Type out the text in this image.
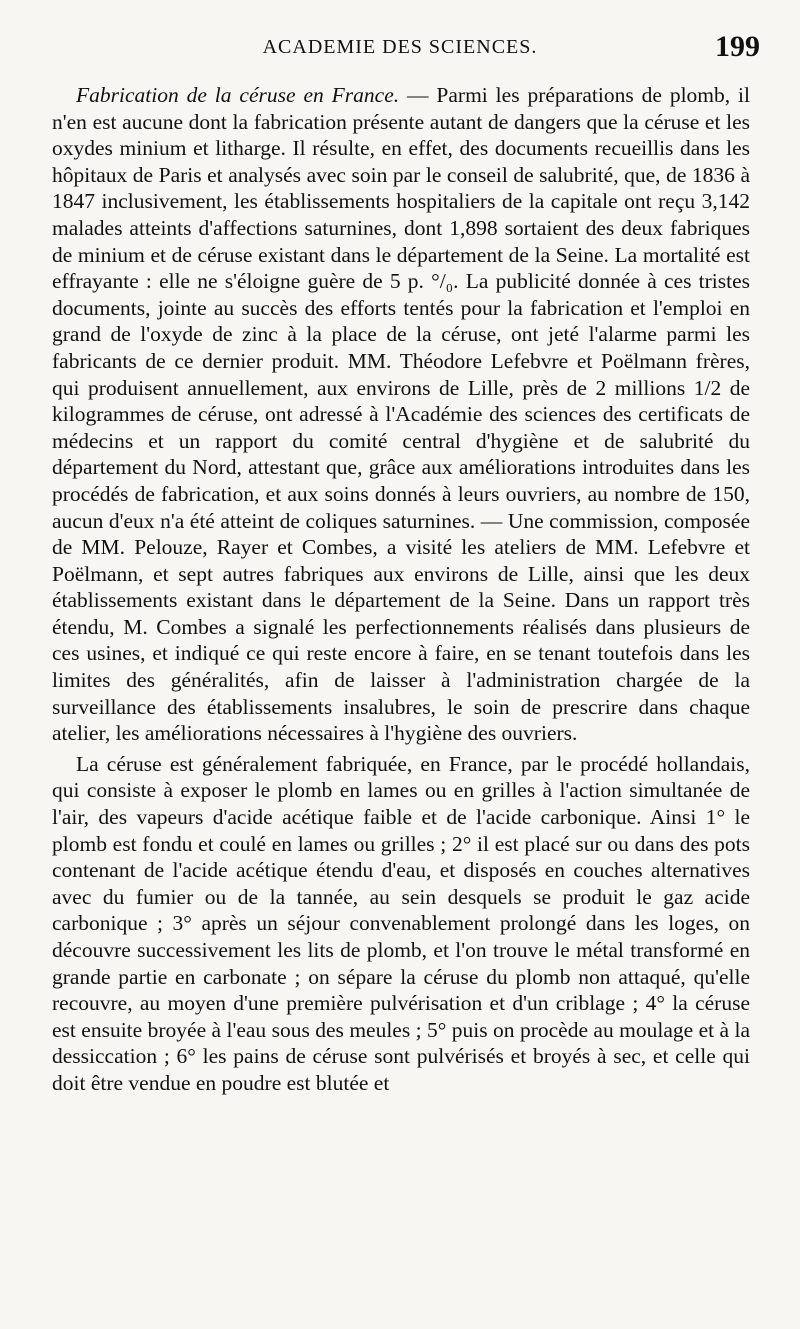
ACADEMIE DES SCIENCES.	199

Fabrication de la céruse en France. — Parmi les préparations de plomb, il n'en est aucune dont la fabrication présente autant de dangers que la céruse et les oxydes minium et litharge. Il résulte, en effet, des documents recueillis dans les hôpitaux de Paris et analysés avec soin par le conseil de salubrité, que, de 1836 à 1847 inclusivement, les établissements hospitaliers de la capitale ont reçu 3,142 malades atteints d'affections saturnines, dont 1,898 sortaient des deux fabriques de minium et de céruse existant dans le département de la Seine. La mortalité est effrayante : elle ne s'éloigne guère de 5 p. °/₀. La publicité donnée à ces tristes documents, jointe au succès des efforts tentés pour la fabrication et l'emploi en grand de l'oxyde de zinc à la place de la céruse, ont jeté l'alarme parmi les fabricants de ce dernier produit. MM. Théodore Lefebvre et Poëlmann frères, qui produisent annuellement, aux environs de Lille, près de 2 millions 1/2 de kilogrammes de céruse, ont adressé à l'Académie des sciences des certificats de médecins et un rapport du comité central d'hygiène et de salubrité du département du Nord, attestant que, grâce aux améliorations introduites dans les procédés de fabrication, et aux soins donnés à leurs ouvriers, au nombre de 150, aucun d'eux n'a été atteint de coliques saturnines. — Une commission, composée de MM. Pelouze, Rayer et Combes, a visité les ateliers de MM. Lefebvre et Poëlmann, et sept autres fabriques aux environs de Lille, ainsi que les deux établissements existant dans le département de la Seine. Dans un rapport très étendu, M. Combes a signalé les perfectionnements réalisés dans plusieurs de ces usines, et indiqué ce qui reste encore à faire, en se tenant toutefois dans les limites des généralités, afin de laisser à l'administration chargée de la surveillance des établissements insalubres, le soin de prescrire dans chaque atelier, les améliorations nécessaires à l'hygiène des ouvriers.

La céruse est généralement fabriquée, en France, par le procédé hollandais, qui consiste à exposer le plomb en lames ou en grilles à l'action simultanée de l'air, des vapeurs d'acide acétique faible et de l'acide carbonique. Ainsi 1° le plomb est fondu et coulé en lames ou grilles ; 2° il est placé sur ou dans des pots contenant de l'acide acétique étendu d'eau, et disposés en couches alternatives avec du fumier ou de la tannée, au sein desquels se produit le gaz acide carbonique ; 3° après un séjour convenablement prolongé dans les loges, on découvre successivement les lits de plomb, et l'on trouve le métal transformé en grande partie en carbonate ; on sépare la céruse du plomb non attaqué, qu'elle recouvre, au moyen d'une première pulvérisation et d'un criblage ; 4° la céruse est ensuite broyée à l'eau sous des meules ; 5° puis on procède au moulage et à la dessiccation ; 6° les pains de céruse sont pulvérisés et broyés à sec, et celle qui doit être vendue en poudre est blutée et
